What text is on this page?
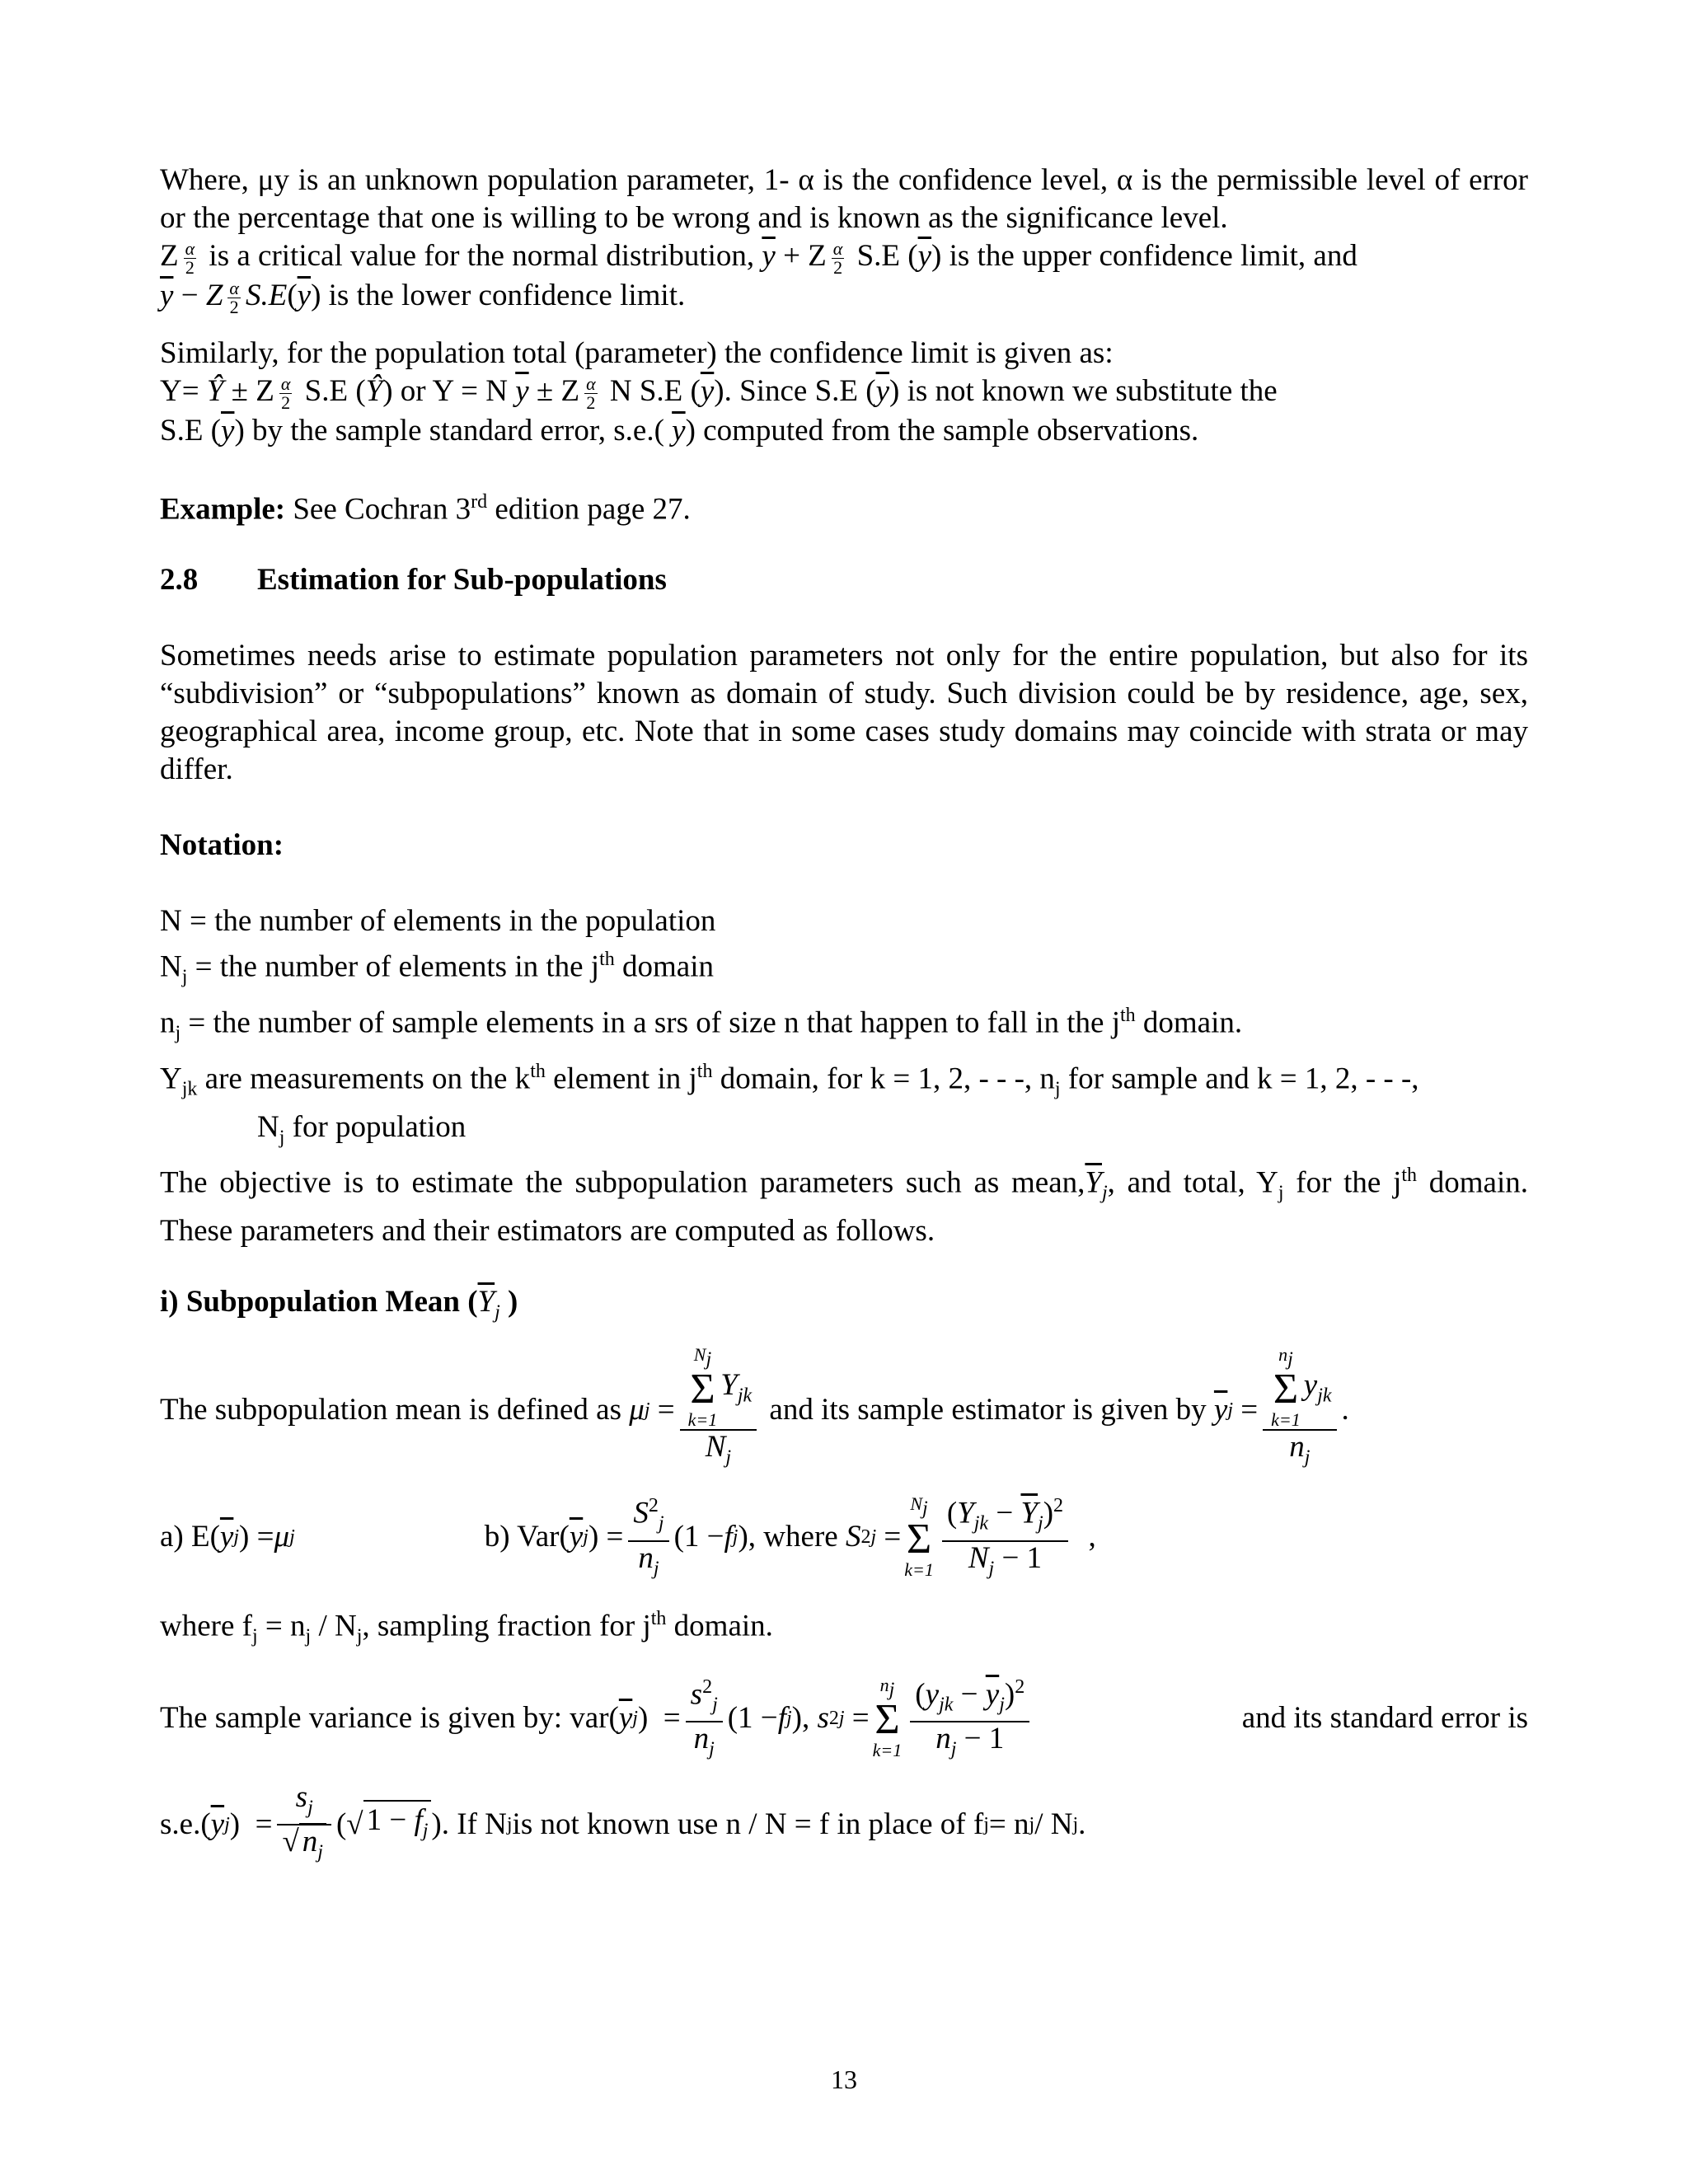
Where, μy is an unknown population parameter, 1- α is the confidence level, α is the permissible level of error or the percentage that one is willing to be wrong and is known as the significance level.

Z $\frac{\alpha}{2}$ is a critical value for the normal distribution, $\overline{y} + Z \frac{\alpha}{2} S.E$ $(\overline{y})$ is the upper confidence limit, and

$\overline{y} - Z \frac{\alpha}{2} S.E(\overline{y})$ is the lower confidence limit.

Similarly, for the population total (parameter) the confidence limit is given as:

Y= Ŷ ± Z $\frac{\alpha}{2} S.E$ (Ŷ) or Y = N $\overline{y} \pm Z \frac{\alpha}{2}$ N S.E $(\overline{y})$. Since S.E $(\overline{y})$ is not known we substitute the

S.E $(\overline{y})$ by the sample standard error, s.e.( $\overline{y}$) computed from the sample observations.

Example: See Cochran 3rd edition page 27.

2.8 Estimation for Sub-populations

Sometimes needs arise to estimate population parameters not only for the entire population, but also for its “subdivision” or “subpopulations” known as domain of study. Such division could be by residence, age, sex, geographical area, income group, etc. Note that in some cases study domains may coincide with strata or may differ.

Notation:

N = the number of elements in the population

$N_j$ = the number of elements in the $j^{th}$ domain

$n_j$ = the number of sample elements in a srs of size n that happen to fall in the $j^{th}$ domain.

$Y_{jk}$ are measurements on the $k^{th}$ element in $j^{th}$ domain, for k = 1, 2, - - -, $n_j$ for sample and k = 1, 2, - - -,

$N_j$ for population

The objective is to estimate the subpopulation parameters such as $mean,\overline{Y}_j$, and total, $Y_j$ for the $j^{th}$ domain. These parameters and their estimators are computed as follows.

i) Subpopulation Mean ($\overline{Y}_j$ )

The subpopulation mean is defined as
μ $j = N_j$
Σ
k=1
$Y_{jk}$
$N_j$
and its sample estimator is given by
$\overline{y}$ $j = n_j$
Σ
k=1
$y_{jk}$
$n_j$ .
a) E( $\overline{y}$ j ) = μ j	b) Var( $\overline{y}$ j ) = $\frac{S^2_j}{n_j} (1 - f$ j ) , where
S 2 j =
$N_j$
Σ
$k=1 \frac{(Y_{jk} - \overline{Y}_j)^2}{N_j - 1}$ ,

where $f_j = n_j / N_j$, sampling fraction for $j^{th}$ domain.

The sample variance is given by: var( $\overline{y}$ j )  = $\frac{s^2_j}{n_j} (1 - f$ j ), s 2 j =
$n_j$
Σ
$k=1 \frac{(y_{jk} - \overline{y}_j)^2}{n_j - 1}$	and its standard error is
s.e.( $\overline{y}$ j )  = $\frac{s_j}{√ n_j}$ (√ $1 - f_j$ ) . If N j is not known use n / N = f in place of f j = n j / N j .
13
